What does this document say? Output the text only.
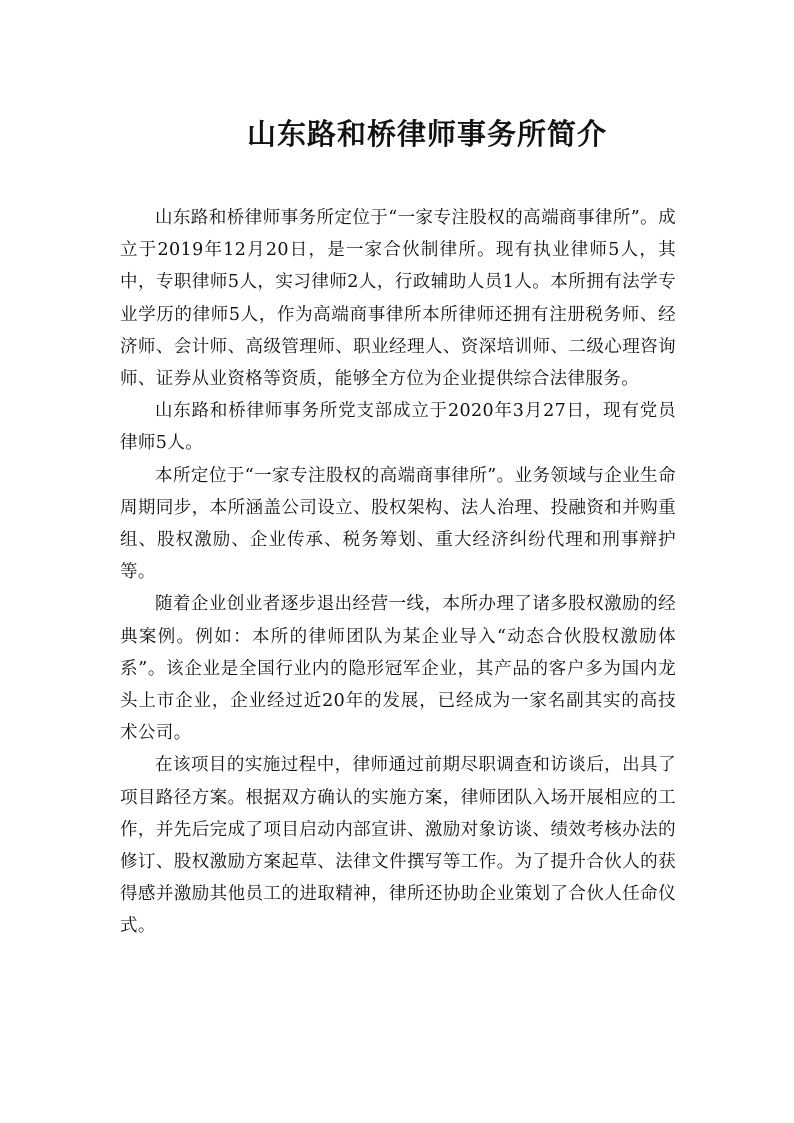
山东路和桥律师事务所简介

山东路和桥律师事务所定位于“一家专注股权的高端商事律所”。成立于2019年12月20日，是一家合伙制律所。现有执业律师5人，其中，专职律师5人，实习律师2人，行政辅助人员1人。本所拥有法学专业学历的律师5人，作为高端商事律所本所律师还拥有注册税务师、经济师、会计师、高级管理师、职业经理人、资深培训师、二级心理咨询师、证券从业资格等资质，能够全方位为企业提供综合法律服务。

山东路和桥律师事务所党支部成立于2020年3月27日，现有党员律师5人。

本所定位于“一家专注股权的高端商事律所”。业务领域与企业生命周期同步，本所涵盖公司设立、股权架构、法人治理、投融资和并购重组、股权激励、企业传承、税务筹划、重大经济纠纷代理和刑事辩护等。

随着企业创业者逐步退出经营一线，本所办理了诸多股权激励的经典案例。例如：本所的律师团队为某企业导入“动态合伙股权激励体系”。该企业是全国行业内的隐形冠军企业，其产品的客户多为国内龙头上市企业，企业经过近20年的发展，已经成为一家名副其实的高技术公司。

在该项目的实施过程中，律师通过前期尽职调查和访谈后，出具了项目路径方案。根据双方确认的实施方案，律师团队入场开展相应的工作，并先后完成了项目启动内部宣讲、激励对象访谈、绩效考核办法的修订、股权激励方案起草、法律文件撰写等工作。为了提升合伙人的获得感并激励其他员工的进取精神，律所还协助企业策划了合伙人任命仪式。
